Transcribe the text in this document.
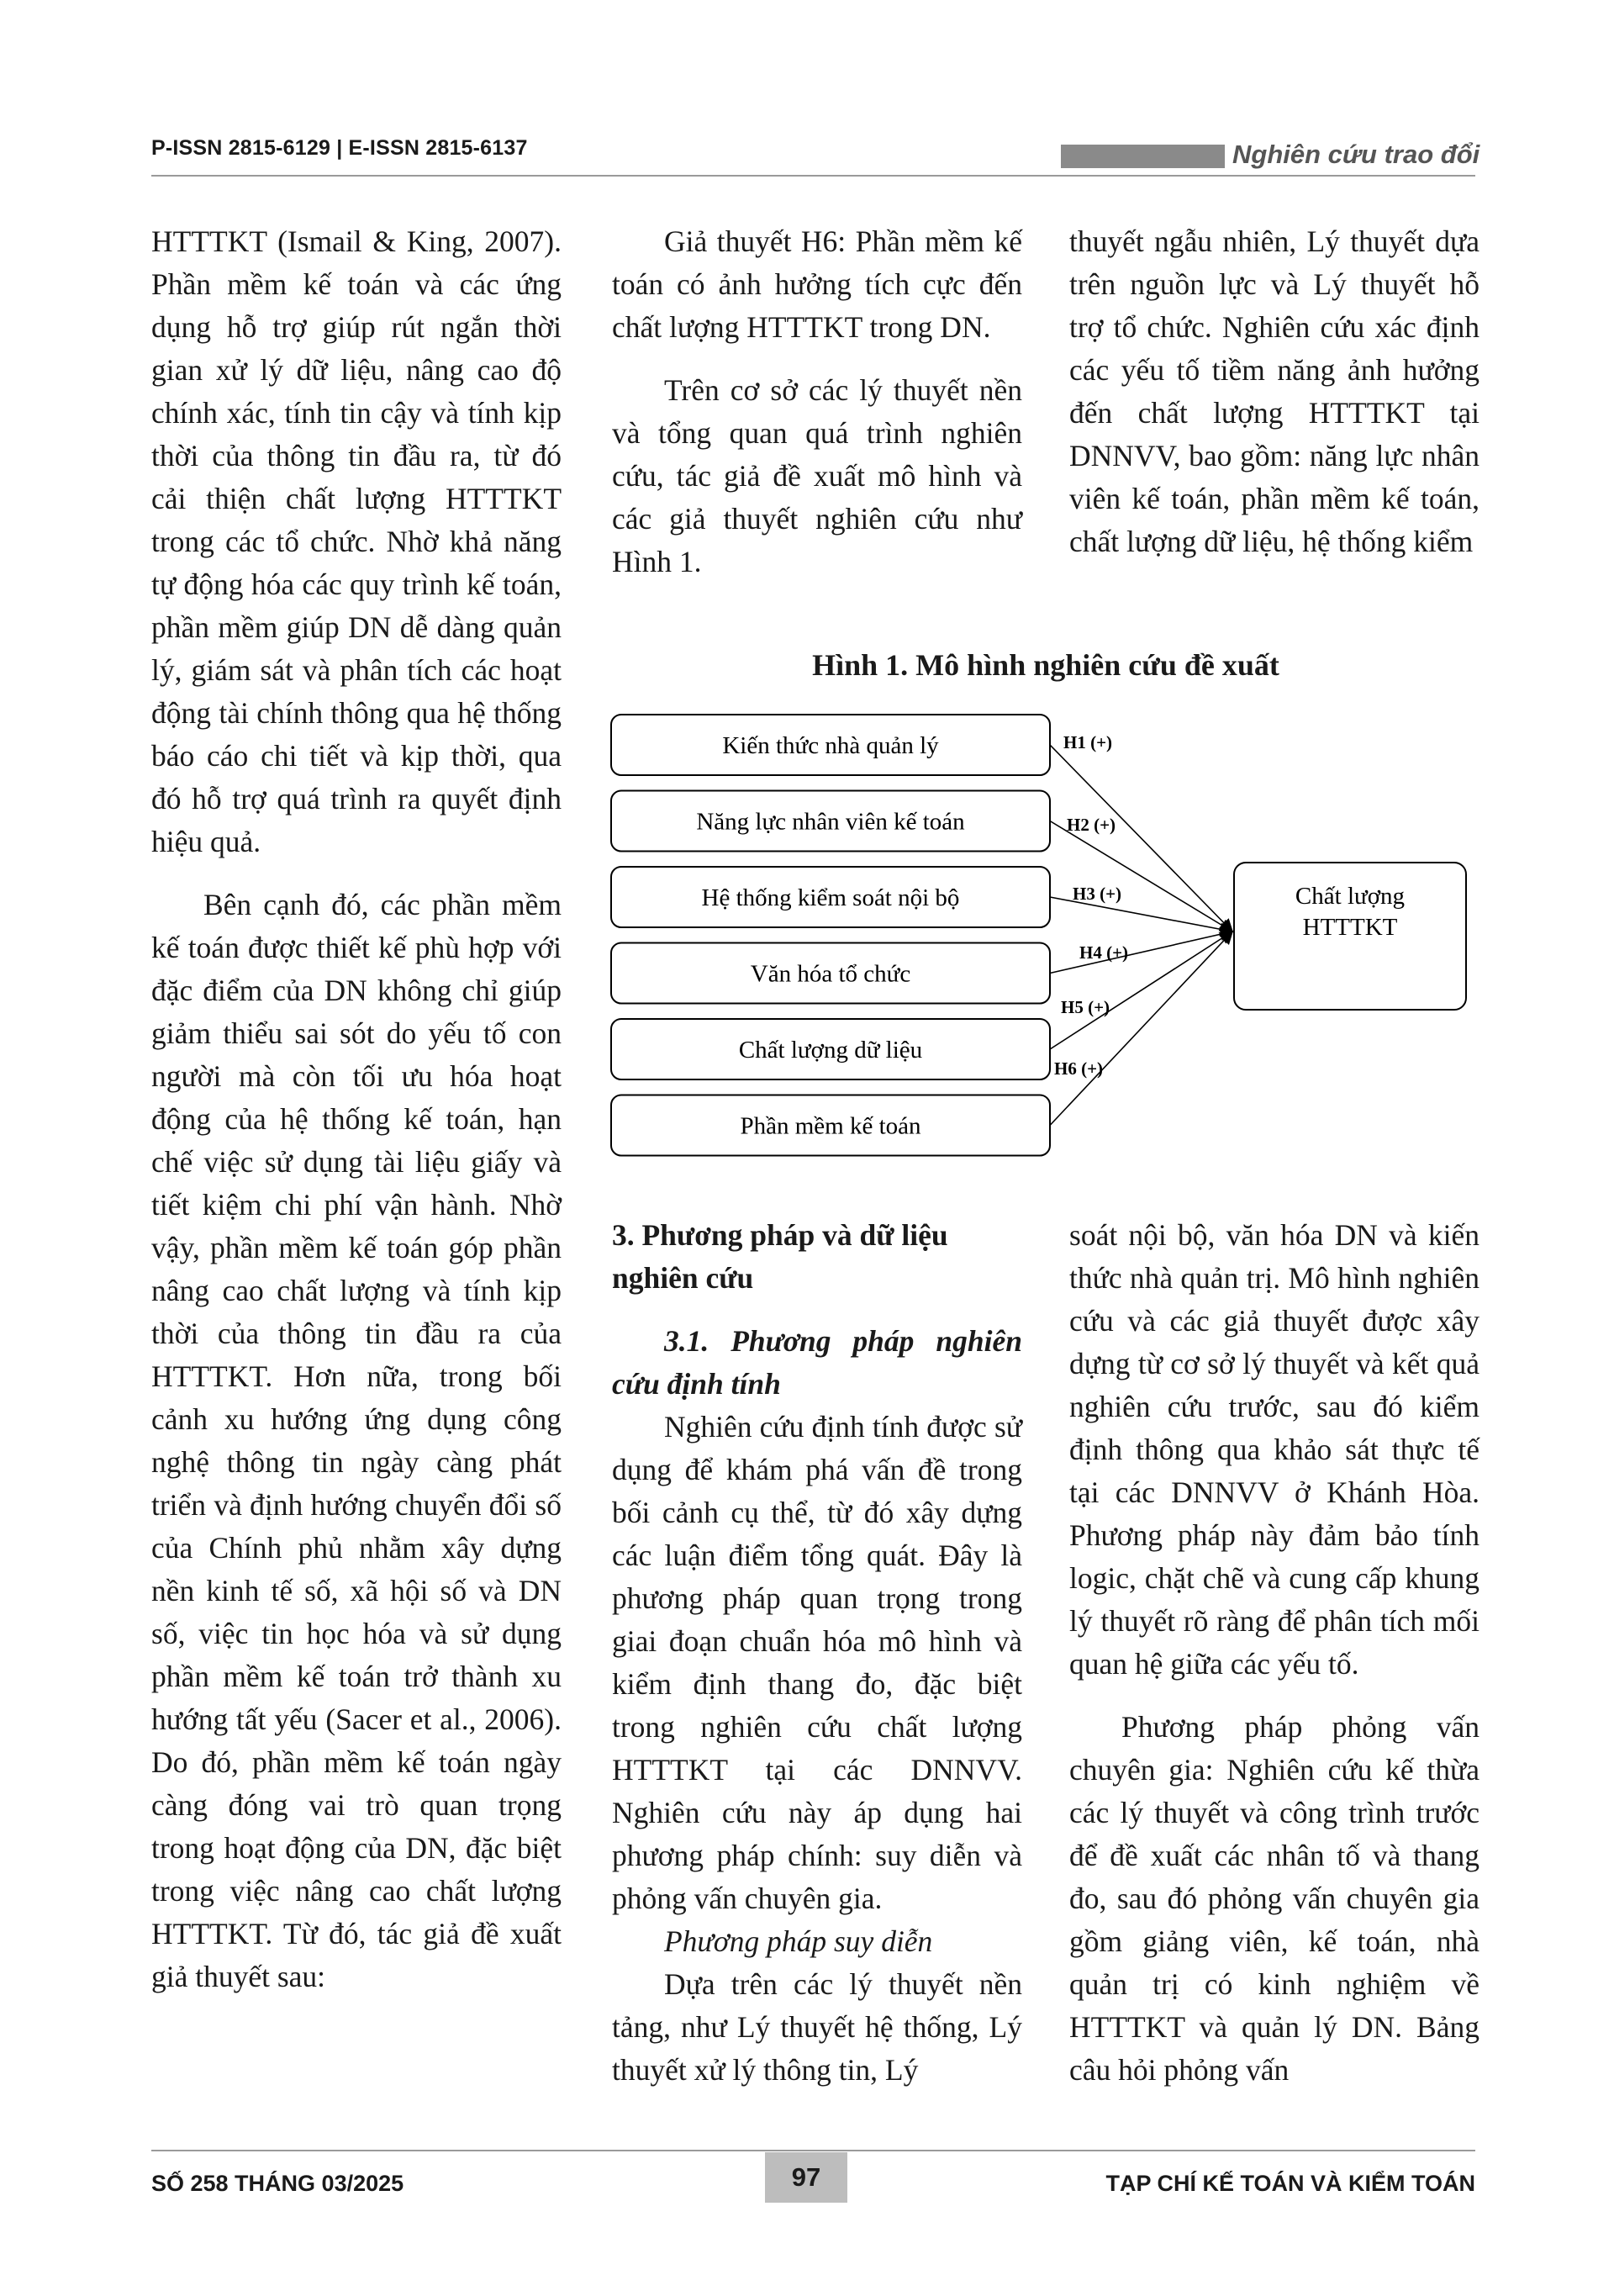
P-ISSN 2815-6129 | E-ISSN 2815-6137	Nghiên cứu trao đổi

HTTTKT (Ismail & King, 2007). Phần mềm kế toán và các ứng dụng hỗ trợ giúp rút ngắn thời gian xử lý dữ liệu, nâng cao độ chính xác, tính tin cậy và tính kịp thời của thông tin đầu ra, từ đó cải thiện chất lượng HTTTKT trong các tổ chức. Nhờ khả năng tự động hóa các quy trình kế toán, phần mềm giúp DN dễ dàng quản lý, giám sát và phân tích các hoạt động tài chính thông qua hệ thống báo cáo chi tiết và kịp thời, qua đó hỗ trợ quá trình ra quyết định hiệu quả.

Bên cạnh đó, các phần mềm kế toán được thiết kế phù hợp với đặc điểm của DN không chỉ giúp giảm thiểu sai sót do yếu tố con người mà còn tối ưu hóa hoạt động của hệ thống kế toán, hạn chế việc sử dụng tài liệu giấy và tiết kiệm chi phí vận hành. Nhờ vậy, phần mềm kế toán góp phần nâng cao chất lượng và tính kịp thời của thông tin đầu ra của HTTTKT. Hơn nữa, trong bối cảnh xu hướng ứng dụng công nghệ thông tin ngày càng phát triển và định hướng chuyển đổi số của Chính phủ nhằm xây dựng nền kinh tế số, xã hội số và DN số, việc tin học hóa và sử dụng phần mềm kế toán trở thành xu hướng tất yếu (Sacer et al., 2006). Do đó, phần mềm kế toán ngày càng đóng vai trò quan trọng trong hoạt động của DN, đặc biệt trong việc nâng cao chất lượng HTTTKT. Từ đó, tác giả đề xuất giả thuyết sau:

Giả thuyết H6: Phần mềm kế toán có ảnh hưởng tích cực đến chất lượng HTTTKT trong DN.

Trên cơ sở các lý thuyết nền và tổng quan quá trình nghiên cứu, tác giả đề xuất mô hình và các giả thuyết nghiên cứu như Hình 1.

thuyết ngẫu nhiên, Lý thuyết dựa trên nguồn lực và Lý thuyết hỗ trợ tổ chức. Nghiên cứu xác định các yếu tố tiềm năng ảnh hưởng đến chất lượng HTTTKT tại DNNVV, bao gồm: năng lực nhân viên kế toán, phần mềm kế toán, chất lượng dữ liệu, hệ thống kiểm

Hình 1. Mô hình nghiên cứu đề xuất
Kiến thức nhà quản lý
Năng lực nhân viên kế toán
Hệ thống kiểm soát nội bộ
Văn hóa tổ chức
Chất lượng dữ liệu
Phần mềm kế toán
H1 (+)
H2 (+)
H3 (+)
H4 (+)
H5 (+)
H6 (+)
Chất lượng
HTTTKT

3. Phương pháp và dữ liệu nghiên cứu

3.1. Phương pháp nghiên cứu định tính

Nghiên cứu định tính được sử dụng để khám phá vấn đề trong bối cảnh cụ thể, từ đó xây dựng các luận điểm tổng quát. Đây là phương pháp quan trọng trong giai đoạn chuẩn hóa mô hình và kiểm định thang đo, đặc biệt trong nghiên cứu chất lượng HTTTKT tại các DNNVV. Nghiên cứu này áp dụng hai phương pháp chính: suy diễn và phỏng vấn chuyên gia.

Phương pháp suy diễn

Dựa trên các lý thuyết nền tảng, như Lý thuyết hệ thống, Lý thuyết xử lý thông tin, Lý

soát nội bộ, văn hóa DN và kiến thức nhà quản trị. Mô hình nghiên cứu và các giả thuyết được xây dựng từ cơ sở lý thuyết và kết quả nghiên cứu trước, sau đó kiểm định thông qua khảo sát thực tế tại các DNNVV ở Khánh Hòa. Phương pháp này đảm bảo tính logic, chặt chẽ và cung cấp khung lý thuyết rõ ràng để phân tích mối quan hệ giữa các yếu tố.

Phương pháp phỏng vấn chuyên gia: Nghiên cứu kế thừa các lý thuyết và công trình trước để đề xuất các nhân tố và thang đo, sau đó phỏng vấn chuyên gia gồm giảng viên, kế toán, nhà quản trị có kinh nghiệm về HTTTKT và quản lý DN. Bảng câu hỏi phỏng vấn

SỐ 258 THÁNG 03/2025	97	TẠP CHÍ KẾ TOÁN VÀ KIỂM TOÁN
